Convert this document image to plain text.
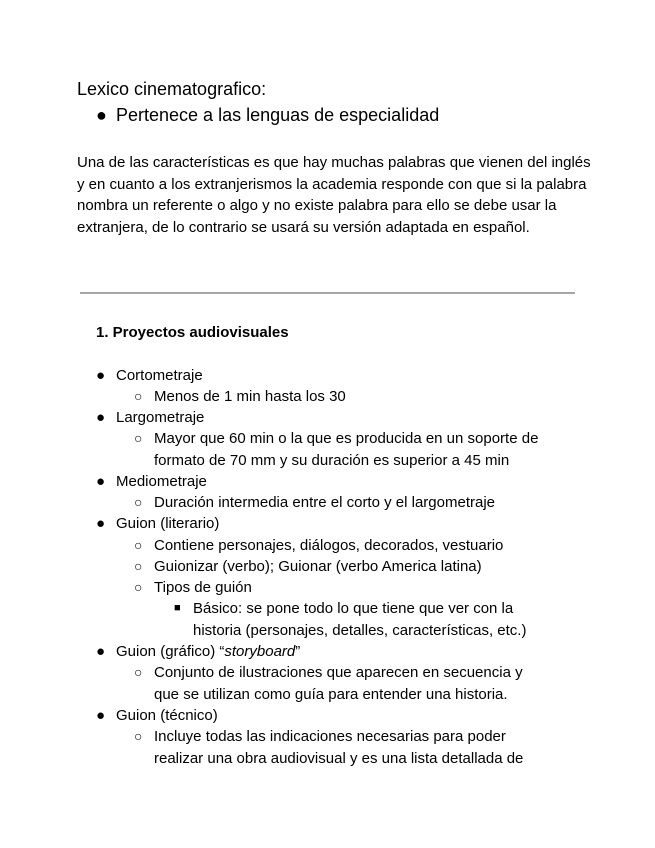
Lexico cinematografico:
● Pertenece a las lenguas de especialidad

Una de las características es que hay muchas palabras que vienen del inglés y en cuanto a los extranjerismos la academia responde con que si la palabra nombra un referente o algo y no existe palabra para ello se debe usar la extranjera, de lo contrario se usará su versión adaptada en español.

1. Proyectos audiovisuales
● Cortometraje
○ Menos de 1 min hasta los 30
● Largometraje
○ Mayor que 60 min o la que es producida en un soporte de
formato de 70 mm y su duración es superior a 45 min
● Mediometraje
○ Duración intermedia entre el corto y el largometraje
● Guion (literario)
○ Contiene personajes, diálogos, decorados, vestuario
○ Guionizar (verbo); Guionar (verbo America latina)
○ Tipos de guión
■ Básico: se pone todo lo que tiene que ver con la
historia (personajes, detalles, características, etc.)
● Guion (gráfico) “storyboard”
○ Conjunto de ilustraciones que aparecen en secuencia y
que se utilizan como guía para entender una historia.
● Guion (técnico)
○ Incluye todas las indicaciones necesarias para poder
realizar una obra audiovisual y es una lista detallada de
